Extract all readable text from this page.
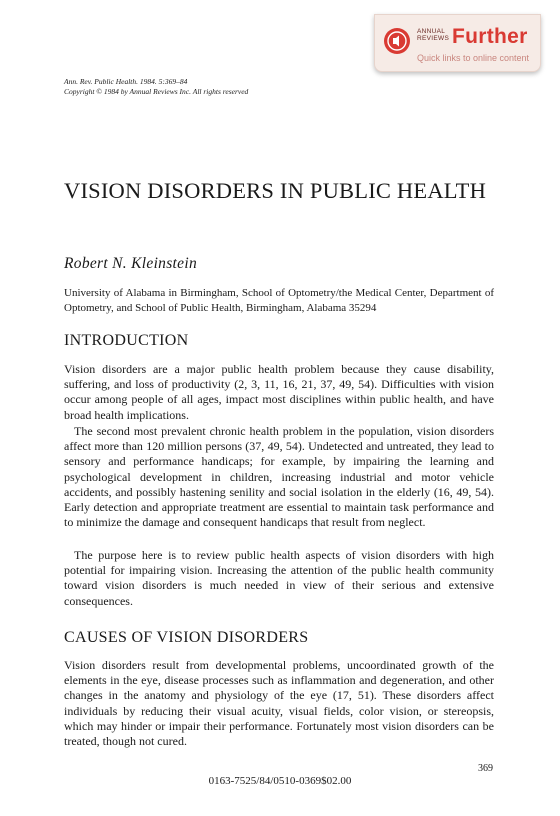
ANNUAL
REVIEWS Further
Quick links to online content
Ann. Rev. Public Health. 1984. 5:369–84
Copyright © 1984 by Annual Reviews Inc. All rights reserved
VISION DISORDERS IN PUBLIC HEALTH
Robert N. Kleinstein
University of Alabama in Birmingham, School of Optometry/the Medical Center, Department of Optometry, and School of Public Health, Birmingham, Alabama 35294
INTRODUCTION

Vision disorders are a major public health problem because they cause disability, suffering, and loss of productivity (2, 3, 11, 16, 21, 37, 49, 54). Difficulties with vision occur among people of all ages, impact most disciplines within public health, and have broad health implications.

The second most prevalent chronic health problem in the population, vision disorders affect more than 120 million persons (37, 49, 54). Undetected and untreated, they lead to sensory and performance handicaps; for example, by impairing the learning and psychological development in children, increasing industrial and motor vehicle accidents, and possibly hastening senility and social isolation in the elderly (16, 49, 54). Early detection and appropriate treatment are essential to maintain task performance and to minimize the damage and consequent handicaps that result from neglect.

The purpose here is to review public health aspects of vision disorders with high potential for impairing vision. Increasing the attention of the public health community toward vision disorders is much needed in view of their serious and extensive consequences.

CAUSES OF VISION DISORDERS

Vision disorders result from developmental problems, uncoordinated growth of the elements in the eye, disease processes such as inflammation and degeneration, and other changes in the anatomy and physiology of the eye (17, 51). These disorders affect individuals by reducing their visual acuity, visual fields, color vision, or stereopsis, which may hinder or impair their performance. Fortunately most vision disorders can be treated, though not cured.

369
0163-7525/84/0510-0369$02.00
